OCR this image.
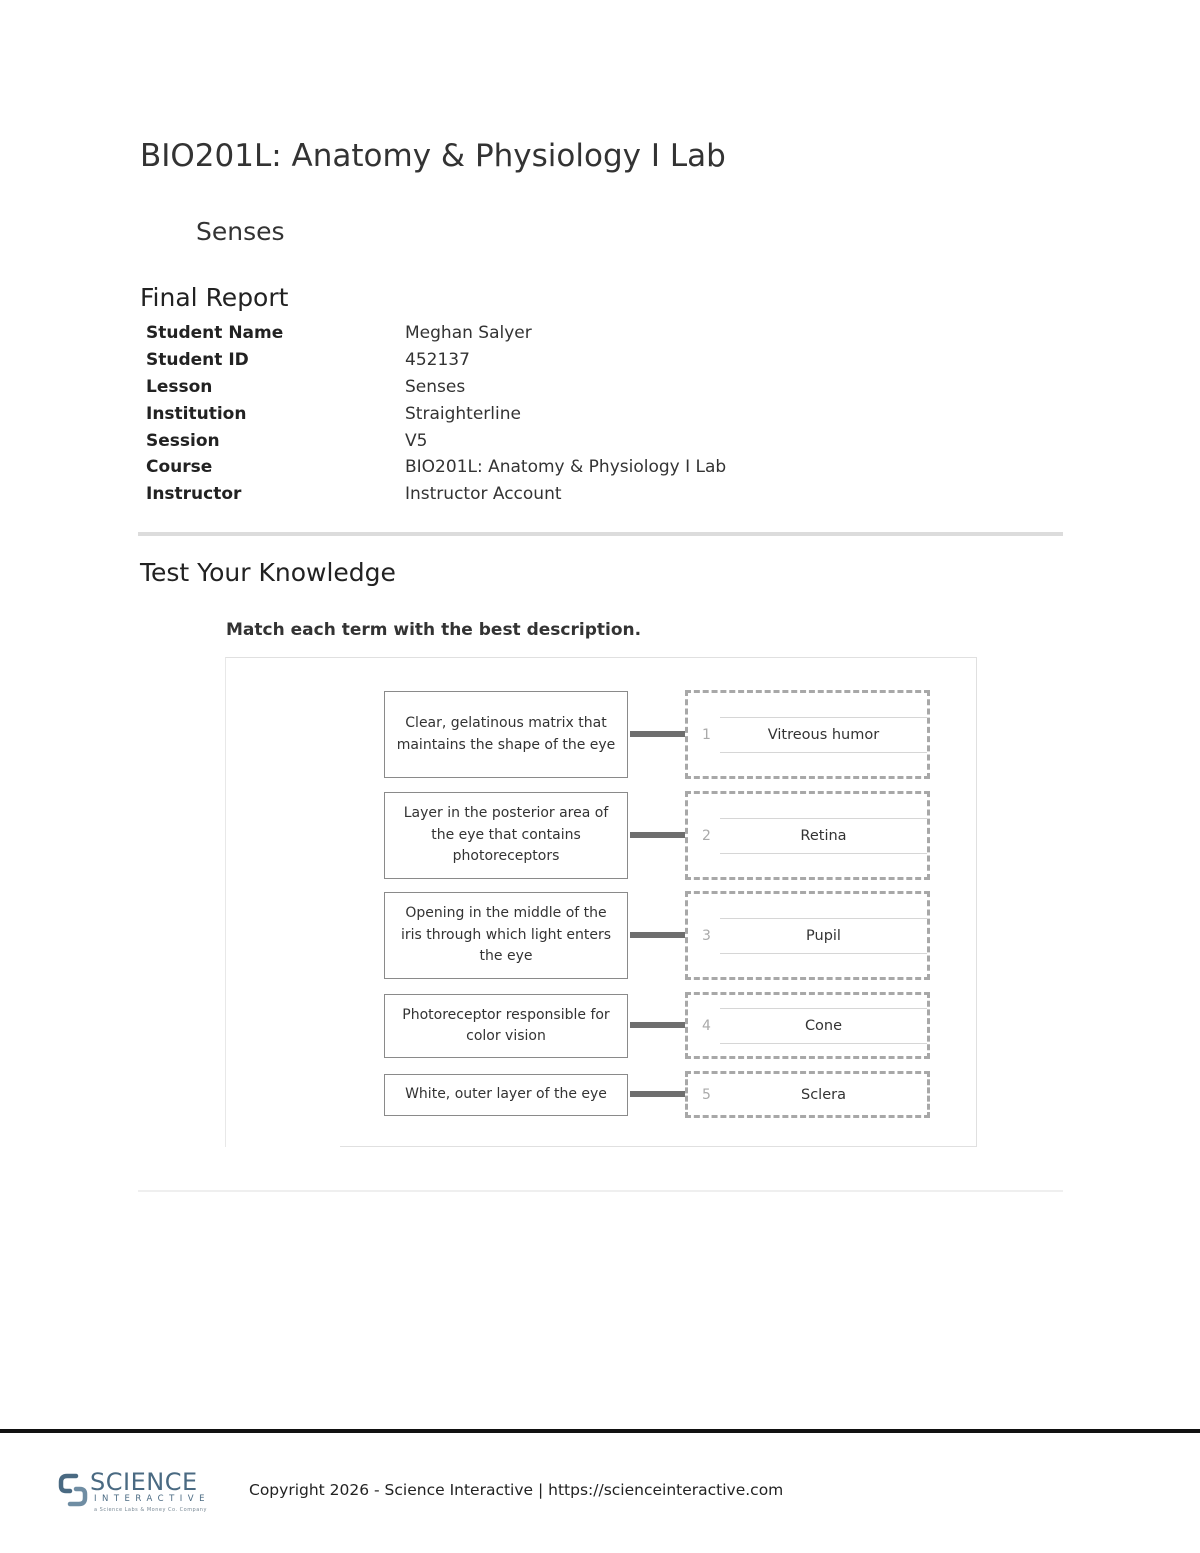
BIO201L: Anatomy & Physiology I Lab
Senses
Final Report
Student Name	Meghan Salyer
Student ID	452137
Lesson	Senses
Institution	Straighterline
Session	V5
Course	BIO201L: Anatomy & Physiology I Lab
Instructor	Instructor Account
Test Your Knowledge

Match each term with the best description.

Clear, gelatinous matrix that maintains the shape of the eye
1	Vitreous humor
Layer in the posterior area of the eye that contains photoreceptors
2	Retina
Opening in the middle of the iris through which light enters the eye
3	Pupil
Photoreceptor responsible for color vision
4	Cone
White, outer layer of the eye	5	Sclera
SCIENCE
INTERACTIVE
a Science Labs & Money Co. Company

Copyright 2026 - Science Interactive | https://scienceinteractive.com
